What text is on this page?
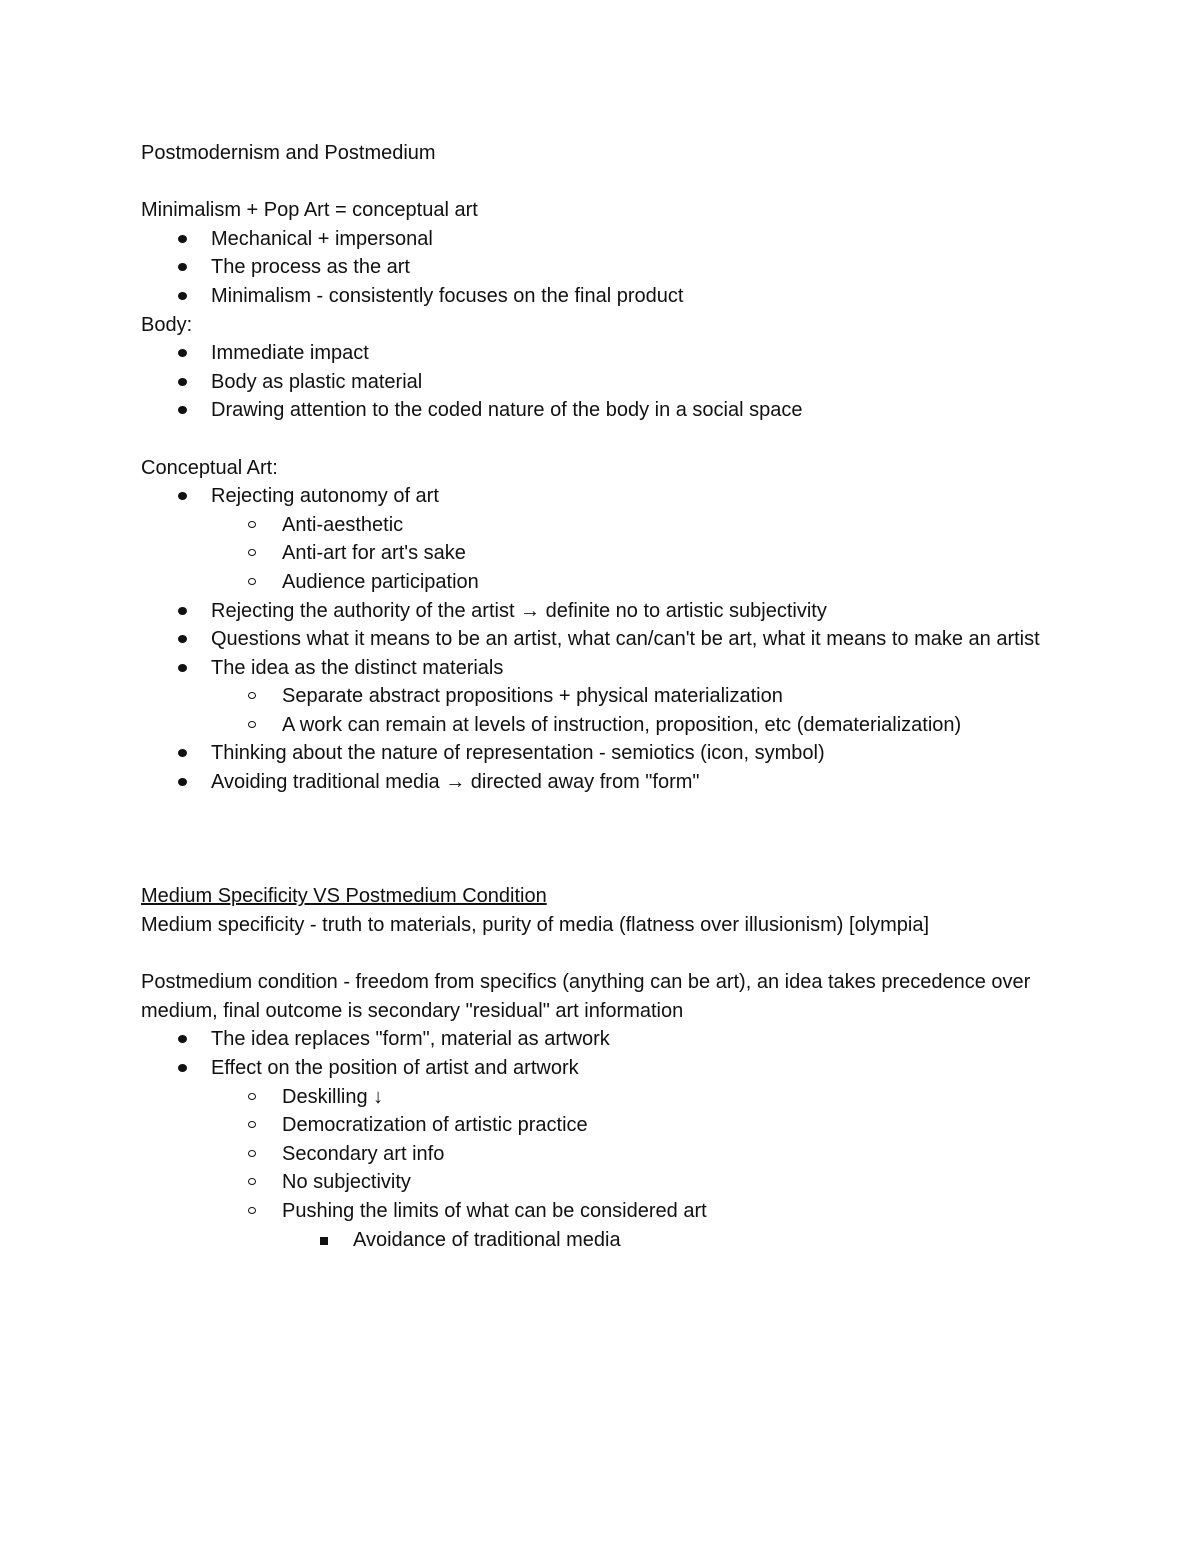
Postmodernism and Postmedium
Minimalism + Pop Art = conceptual art
Mechanical + impersonal
The process as the art
Minimalism - consistently focuses on the final product
Body:
Immediate impact
Body as plastic material
Drawing attention to the coded nature of the body in a social space
Conceptual Art:
Rejecting autonomy of art
Anti-aesthetic
Anti-art for art's sake
Audience participation
Rejecting the authority of the artist → definite no to artistic subjectivity
Questions what it means to be an artist, what can/can't be art, what it means to make an artist
The idea as the distinct materials
Separate abstract propositions + physical materialization
A work can remain at levels of instruction, proposition, etc (dematerialization)
Thinking about the nature of representation - semiotics (icon, symbol)
Avoiding traditional media → directed away from "form"
Medium Specificity VS Postmedium Condition
Medium specificity - truth to materials, purity of media (flatness over illusionism) [olympia]
Postmedium condition - freedom from specifics (anything can be art), an idea takes precedence over medium, final outcome is secondary "residual" art information
The idea replaces "form", material as artwork
Effect on the position of artist and artwork
Deskilling ↓
Democratization of artistic practice
Secondary art info
No subjectivity
Pushing the limits of what can be considered art
Avoidance of traditional media
